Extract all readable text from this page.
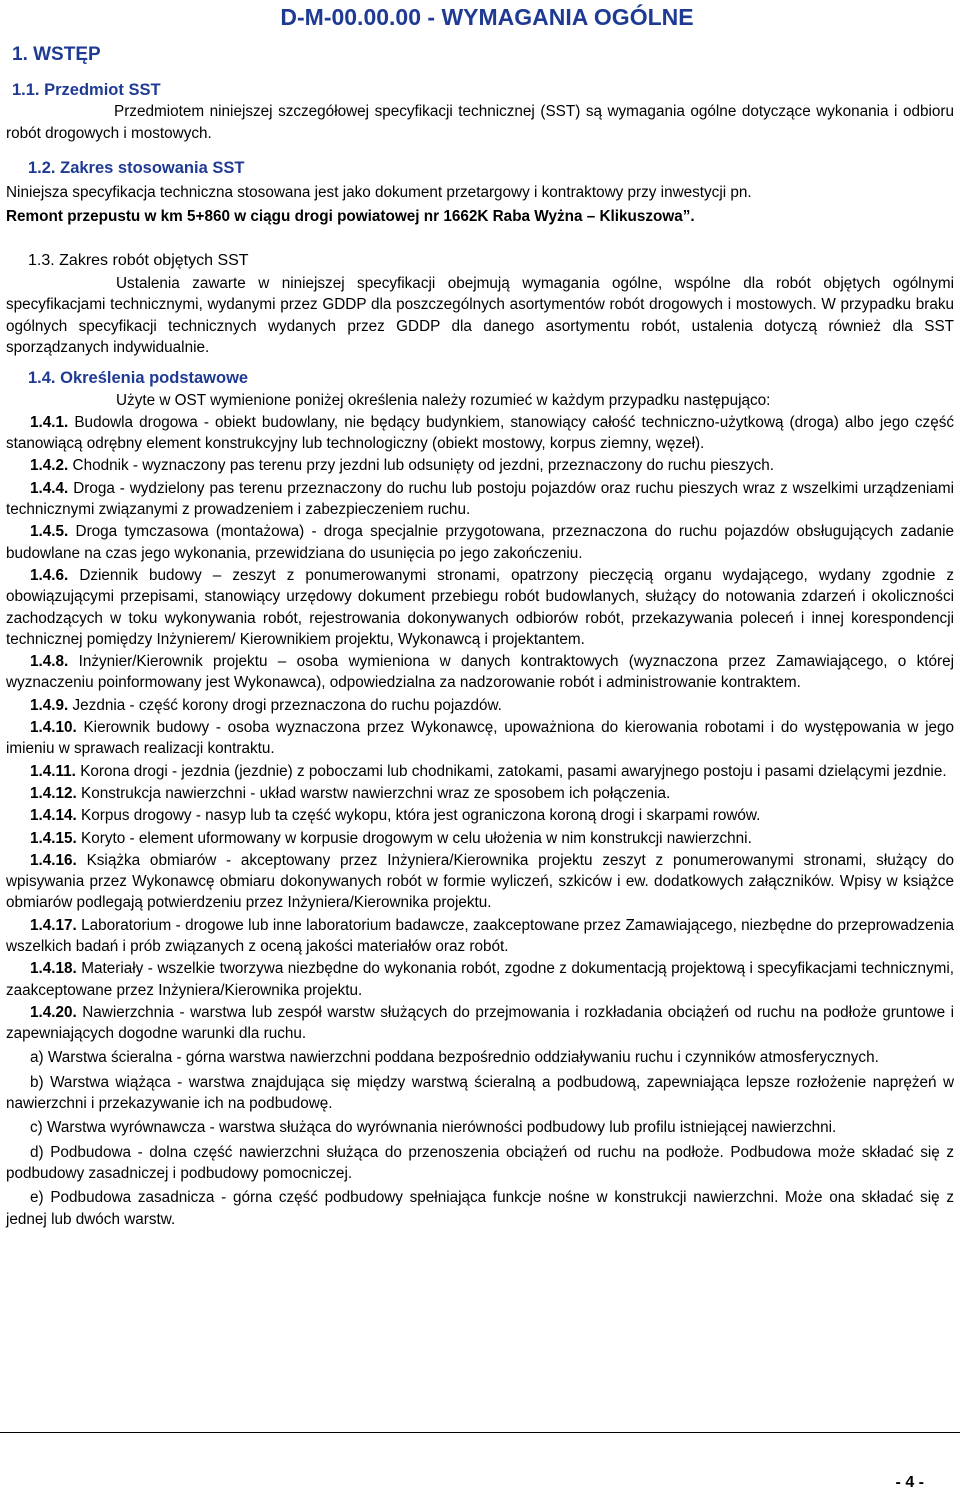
D-M-00.00.00 - WYMAGANIA OGÓLNE
1. WSTĘP

1.1. Przedmiot SST

Przedmiotem niniejszej szczegółowej specyfikacji technicznej (SST) są wymagania ogólne dotyczące wykonania i odbioru robót drogowych i mostowych.

1.2. Zakres stosowania SST

Niniejsza specyfikacja techniczna stosowana jest jako dokument przetargowy i kontraktowy przy inwestycji pn.

Remont przepustu w km 5+860 w ciągu drogi powiatowej nr 1662K Raba Wyżna – Klikuszowa”.

1.3. Zakres robót objętych SST

Ustalenia zawarte w niniejszej specyfikacji obejmują wymagania ogólne, wspólne dla robót objętych ogólnymi specyfikacjami technicznymi, wydanymi przez GDDP dla poszczególnych asortymentów robót drogowych i mostowych. W przypadku braku ogólnych specyfikacji technicznych wydanych przez GDDP dla danego asortymentu robót, ustalenia dotyczą również dla SST sporządzanych indywidualnie.

1.4. Określenia podstawowe

Użyte w OST wymienione poniżej określenia należy rozumieć w każdym przypadku następująco:

1.4.1. Budowla drogowa - obiekt budowlany, nie będący budynkiem, stanowiący całość techniczno-użytkową (droga) albo jego część stanowiącą odrębny element konstrukcyjny lub technologiczny (obiekt mostowy, korpus ziemny, węzeł).

1.4.2. Chodnik - wyznaczony pas terenu przy jezdni lub odsunięty od jezdni, przeznaczony do ruchu pieszych.

1.4.4. Droga - wydzielony pas terenu przeznaczony do ruchu lub postoju pojazdów oraz ruchu pieszych wraz z wszelkimi urządzeniami technicznymi związanymi z prowadzeniem i zabezpieczeniem ruchu.

1.4.5. Droga tymczasowa (montażowa) - droga specjalnie przygotowana, przeznaczona do ruchu pojazdów obsługujących zadanie budowlane na czas jego wykonania, przewidziana do usunięcia po jego zakończeniu.

1.4.6. Dziennik budowy – zeszyt z ponumerowanymi stronami, opatrzony pieczęcią organu wydającego, wydany zgodnie z obowiązującymi przepisami, stanowiący urzędowy dokument przebiegu robót budowlanych, służący do notowania zdarzeń i okoliczności zachodzących w toku wykonywania robót, rejestrowania dokonywanych odbiorów robót, przekazywania poleceń i innej korespondencji technicznej pomiędzy Inżynierem/ Kierownikiem projektu, Wykonawcą i projektantem.

1.4.8. Inżynier/Kierownik projektu – osoba wymieniona w danych kontraktowych (wyznaczona przez Zamawiającego, o której wyznaczeniu poinformowany jest Wykonawca), odpowiedzialna za nadzorowanie robót i administrowanie kontraktem.

1.4.9. Jezdnia - część korony drogi przeznaczona do ruchu pojazdów.

1.4.10. Kierownik budowy - osoba wyznaczona przez Wykonawcę, upoważniona do kierowania robotami i do występowania w jego imieniu w sprawach realizacji kontraktu.

1.4.11. Korona drogi - jezdnia (jezdnie) z poboczami lub chodnikami, zatokami, pasami awaryjnego postoju i pasami dzielącymi jezdnie.

1.4.12. Konstrukcja nawierzchni - układ warstw nawierzchni wraz ze sposobem ich połączenia.

1.4.14. Korpus drogowy - nasyp lub ta część wykopu, która jest ograniczona koroną drogi i skarpami rowów.

1.4.15. Koryto - element uformowany w korpusie drogowym w celu ułożenia w nim konstrukcji nawierzchni.

1.4.16. Książka obmiarów - akceptowany przez Inżyniera/Kierownika projektu zeszyt z ponumerowanymi stronami, służący do wpisywania przez Wykonawcę obmiaru dokonywanych robót w formie wyliczeń, szkiców i ew. dodatkowych załączników. Wpisy w książce obmiarów podlegają potwierdzeniu przez Inżyniera/Kierownika projektu.

1.4.17. Laboratorium - drogowe lub inne laboratorium badawcze, zaakceptowane przez Zamawiającego, niezbędne do przeprowadzenia wszelkich badań i prób związanych z oceną jakości materiałów oraz robót.

1.4.18. Materiały - wszelkie tworzywa niezbędne do wykonania robót, zgodne z dokumentacją projektową i specyfikacjami technicznymi, zaakceptowane przez Inżyniera/Kierownika projektu.

1.4.20. Nawierzchnia - warstwa lub zespół warstw służących do przejmowania i rozkładania obciążeń od ruchu na podłoże gruntowe i zapewniających dogodne warunki dla ruchu.

a) Warstwa ścieralna - górna warstwa nawierzchni poddana bezpośrednio oddziaływaniu ruchu i czynników atmosferycznych.

b) Warstwa wiążąca - warstwa znajdująca się między warstwą ścieralną a podbudową, zapewniająca lepsze rozłożenie naprężeń w nawierzchni i przekazywanie ich na podbudowę.

c) Warstwa wyrównawcza - warstwa służąca do wyrównania nierówności podbudowy lub profilu istniejącej nawierzchni.

d) Podbudowa - dolna część nawierzchni służąca do przenoszenia obciążeń od ruchu na podłoże. Podbudowa może składać się z podbudowy zasadniczej i podbudowy pomocniczej.

e) Podbudowa zasadnicza - górna część podbudowy spełniająca funkcje nośne w konstrukcji nawierzchni. Może ona składać się z jednej lub dwóch warstw.

- 4 -
